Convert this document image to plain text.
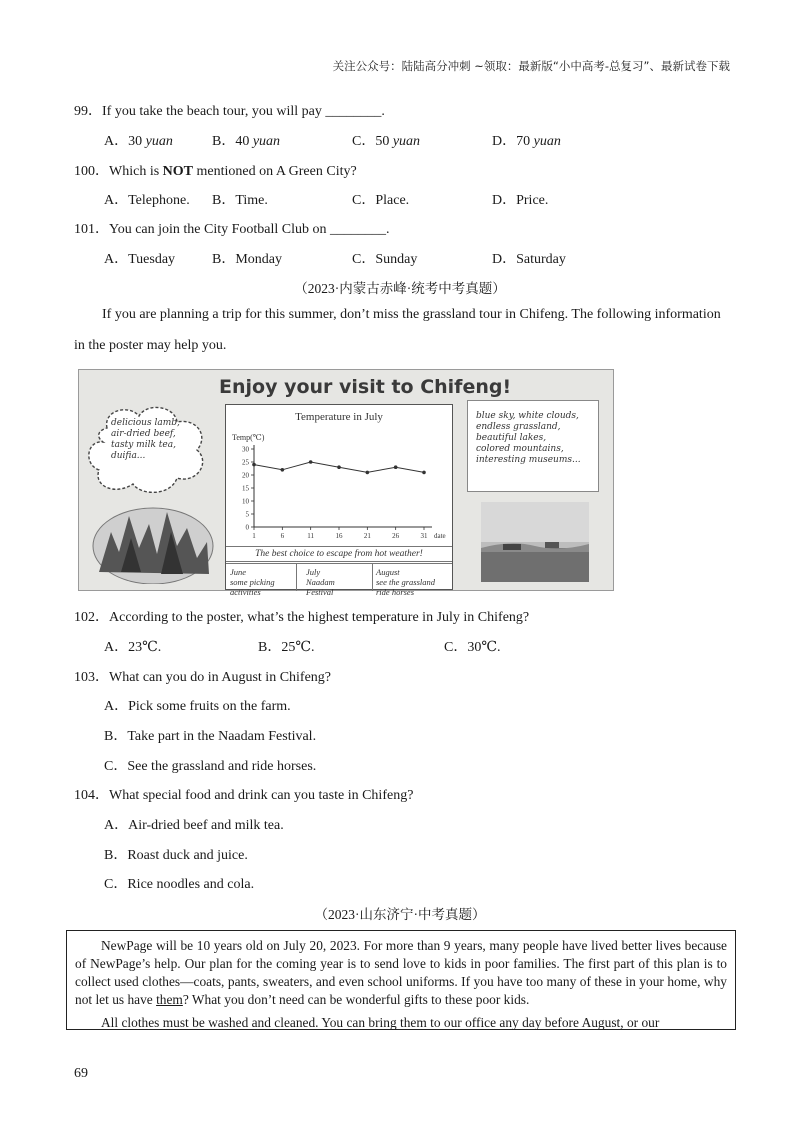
关注公众号：陆陆高分冲刺 ~领取：最新版“小中高考-总复习”、最新试卷下载
99．If you take the beach tour, you will pay ________.
A．30 yuan	B．40 yuan	C．50 yuan	D．70 yuan
100．Which is NOT mentioned on A Green City?
A．Telephone. B．Time.	C．Place.	D．Price.
101．You can join the City Football Club on ________.
A．Tuesday	B．Monday	C．Sunday	D．Saturday
（2023·内蒙古赤峰·统考中考真题）
If you are planning a trip for this summer, don’t miss the grassland tour in Chifeng. The following information in the poster may help you.
Enjoy your visit to Chifeng!
delicious lamb,
air-dried beef,
tasty milk tea,
duifia...
Temperature in July
Temp(℃)
30
25
20
15
10
5
0
1	6	11	16	21	26	31 date
The best choice to escape from hot weather!
June
some picking
activities
July
Naadam
Festival
August
see the grassland
ride horses
blue sky, white clouds,
endless grassland,
beautiful lakes,
colored mountains,
interesting museums...
102．According to the poster, what’s the highest temperature in July in Chifeng?
A．23℃.	B．25℃.	C．30℃.
103．What can you do in August in Chifeng?
A．Pick some fruits on the farm.
B．Take part in the Naadam Festival.
C．See the grassland and ride horses.
104．What special food and drink can you taste in Chifeng?
A．Air-dried beef and milk tea.
B．Roast duck and juice.
C．Rice noodles and cola.
（2023·山东济宁·中考真题）

NewPage will be 10 years old on July 20, 2023. For more than 9 years, many people have lived better lives because of NewPage’s help. Our plan for the coming year is to send love to kids in poor families. The first part of this plan is to collect used clothes—coats, pants, sweaters, and even school uniforms. If you have too many of these in your home, why not let us have them? What you don’t need can be wonderful gifts to these poor kids.

All clothes must be washed and cleaned. You can bring them to our office any day before August, or our

69
